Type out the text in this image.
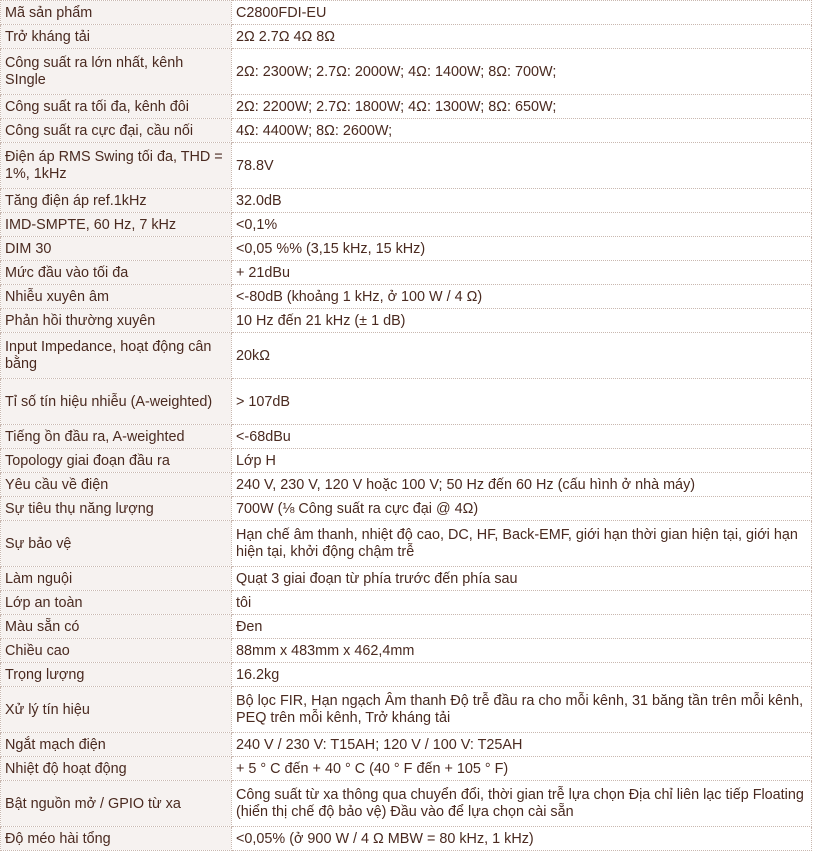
Mã sản phẩm	C2800FDI-EU
Trở kháng tải	2Ω 2.7Ω 4Ω 8Ω
Công suất ra lớn nhất, kênh SIngle	2Ω: 2300W; 2.7Ω: 2000W; 4Ω: 1400W; 8Ω: 700W;
Công suất ra tối đa, kênh đôi	2Ω: 2200W; 2.7Ω: 1800W; 4Ω: 1300W; 8Ω: 650W;
Công suất ra cực đại, cầu nối	4Ω: 4400W; 8Ω: 2600W;
Điện áp RMS Swing tối đa, THD = 1%, 1kHz	78.8V
Tăng điện áp ref.1kHz	32.0dB
IMD-SMPTE, 60 Hz, 7 kHz	<0,1%
DIM 30	<0,05 %% (3,15 kHz, 15 kHz)
Mức đầu vào tối đa	+ 21dBu
Nhiễu xuyên âm	<-80dB (khoảng 1 kHz, ở 100 W / 4 Ω)
Phản hồi thường xuyên	10 Hz đến 21 kHz (± 1 dB)
Input Impedance, hoạt động cân bằng	20kΩ
Tỉ số tín hiệu nhiễu (A-weighted)	> 107dB
Tiếng ồn đầu ra, A-weighted	<-68dBu
Topology giai đoạn đầu ra	Lớp H
Yêu cầu về điện	240 V, 230 V, 120 V hoặc 100 V; 50 Hz đến 60 Hz (cấu hình ở nhà máy)
Sự tiêu thụ năng lượng	700W (⅛ Công suất ra cực đại @ 4Ω)
Sự bảo vệ	Hạn chế âm thanh, nhiệt độ cao, DC, HF, Back-EMF, giới hạn thời gian hiện tại, giới hạn hiện tại, khởi động chậm trễ
Làm nguội	Quạt 3 giai đoạn từ phía trước đến phía sau
Lớp an toàn	tôi
Màu sẵn có	Đen
Chiều cao	88mm x 483mm x 462,4mm
Trọng lượng	16.2kg
Xử lý tín hiệu	Bộ lọc FIR, Hạn ngạch Âm thanh Độ trễ đầu ra cho mỗi kênh, 31 băng tần trên mỗi kênh, PEQ trên mỗi kênh, Trở kháng tải
Ngắt mạch điện	240 V / 230 V: T15AH; 120 V / 100 V: T25AH
Nhiệt độ hoạt động	+ 5 ° C đến + 40 ° C (40 ° F đến + 105 ° F)
Bật nguồn mở / GPIO từ xa	Công suất từ xa thông qua chuyển đổi, thời gian trễ lựa chọn Địa chỉ liên lạc tiếp Floating (hiển thị chế độ bảo vệ) Đầu vào để lựa chọn cài sẵn
Độ méo hài tổng	<0,05% (ở 900 W / 4 Ω MBW = 80 kHz, 1 kHz)
